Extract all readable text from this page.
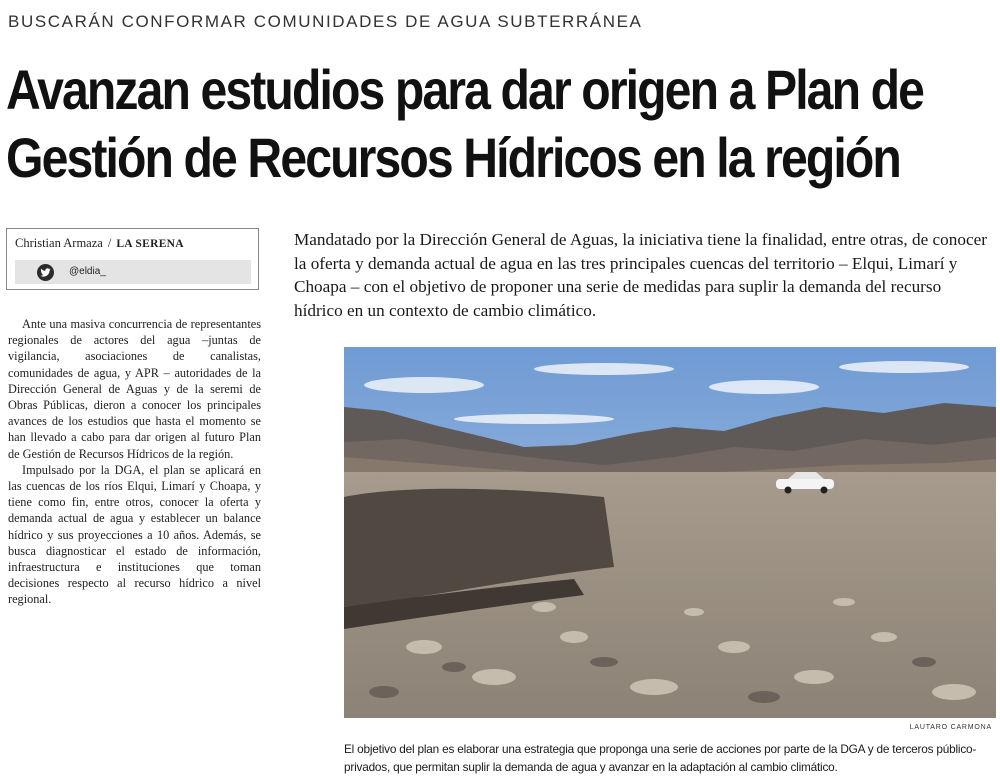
BUSCARÁN CONFORMAR COMUNIDADES DE AGUA SUBTERRÁNEA
Avanzan estudios para dar origen a Plan de
Gestión de Recursos Hídricos en la región
Christian Armaza / LA SERENA
@eldia_

Mandatado por la Dirección General de Aguas, la iniciativa tiene la finalidad, entre otras, de conocer la oferta y demanda actual de agua en las tres principales cuencas del territorio – Elqui, Limarí y Choapa – con el objetivo de proponer una serie de medidas para suplir la demanda del recurso hídrico en un contexto de cambio climático.

Ante una masiva concurrencia de representantes regionales de actores del agua –juntas de vigilancia, asociaciones de canalistas, comunidades de agua, y APR – autoridades de la Dirección General de Aguas y de la seremi de Obras Públicas, dieron a conocer los principales avances de los estudios que hasta el momento se han llevado a cabo para dar origen al futuro Plan de Gestión de Recursos Hídricos de la región.

Impulsado por la DGA, el plan se aplicará en las cuencas de los ríos Elqui, Limarí y Choapa, y tiene como fin, entre otros, conocer la oferta y demanda actual de agua y establecer un balance hídrico y sus proyecciones a 10 años. Además, se busca diagnosticar el estado de información, infraestructura e instituciones que toman decisiones respecto al recurso hídrico a nivel regional.

LAUTARO CARMONA

El objetivo del plan es elaborar una estrategia que proponga una serie de acciones por parte de la DGA y de terceros público-privados, que permitan suplir la demanda de agua y avanzar en la adaptación al cambio climático.
